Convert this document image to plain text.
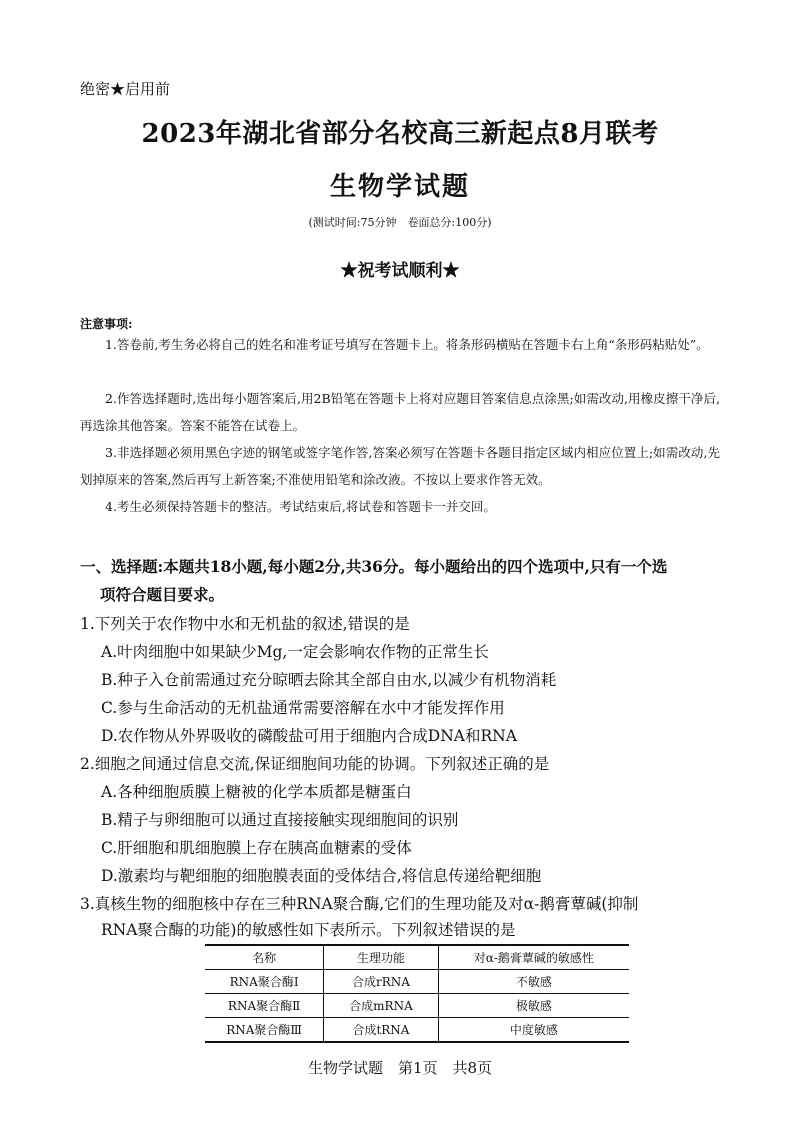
绝密★启用前
2023年湖北省部分名校高三新起点8月联考
生物学试题
(测试时间:75分钟　卷面总分:100分)
★祝考试顺利★
注意事项:
1.答卷前,考生务必将自己的姓名和准考证号填写在答题卡上。将条形码横贴在答题卡右上角“条形码粘贴处”。
2.作答选择题时,选出每小题答案后,用2B铅笔在答题卡上将对应题目答案信息点涂黑;如需改动,用橡皮擦干净后,再选涂其他答案。答案不能答在试卷上。
3.非选择题必须用黑色字迹的钢笔或签字笔作答,答案必须写在答题卡各题目指定区域内相应位置上;如需改动,先划掉原来的答案,然后再写上新答案;不准使用铅笔和涂改液。不按以上要求作答无效。
4.考生必须保持答题卡的整洁。考试结束后,将试卷和答题卡一并交回。
一、选择题:本题共18小题,每小题2分,共36分。每小题给出的四个选项中,只有一个选
项符合题目要求。
1.下列关于农作物中水和无机盐的叙述,错误的是
A.叶肉细胞中如果缺少Mg,一定会影响农作物的正常生长
B.种子入仓前需通过充分晾晒去除其全部自由水,以减少有机物消耗
C.参与生命活动的无机盐通常需要溶解在水中才能发挥作用
D.农作物从外界吸收的磷酸盐可用于细胞内合成DNA和RNA
2.细胞之间通过信息交流,保证细胞间功能的协调。下列叙述正确的是
A.各种细胞质膜上糖被的化学本质都是糖蛋白
B.精子与卵细胞可以通过直接接触实现细胞间的识别
C.肝细胞和肌细胞膜上存在胰高血糖素的受体
D.激素均与靶细胞的细胞膜表面的受体结合,将信息传递给靶细胞
3.真核生物的细胞核中存在三种RNA聚合酶,它们的生理功能及对α-鹅膏蕈碱(抑制
RNA聚合酶的功能)的敏感性如下表所示。下列叙述错误的是
名称	生理功能	对α-鹅膏蕈碱的敏感性
RNA聚合酶Ⅰ	合成rRNA	不敏感
RNA聚合酶Ⅱ	合成mRNA	极敏感
RNA聚合酶Ⅲ	合成tRNA	中度敏感
生物学试题　第1页　共8页
